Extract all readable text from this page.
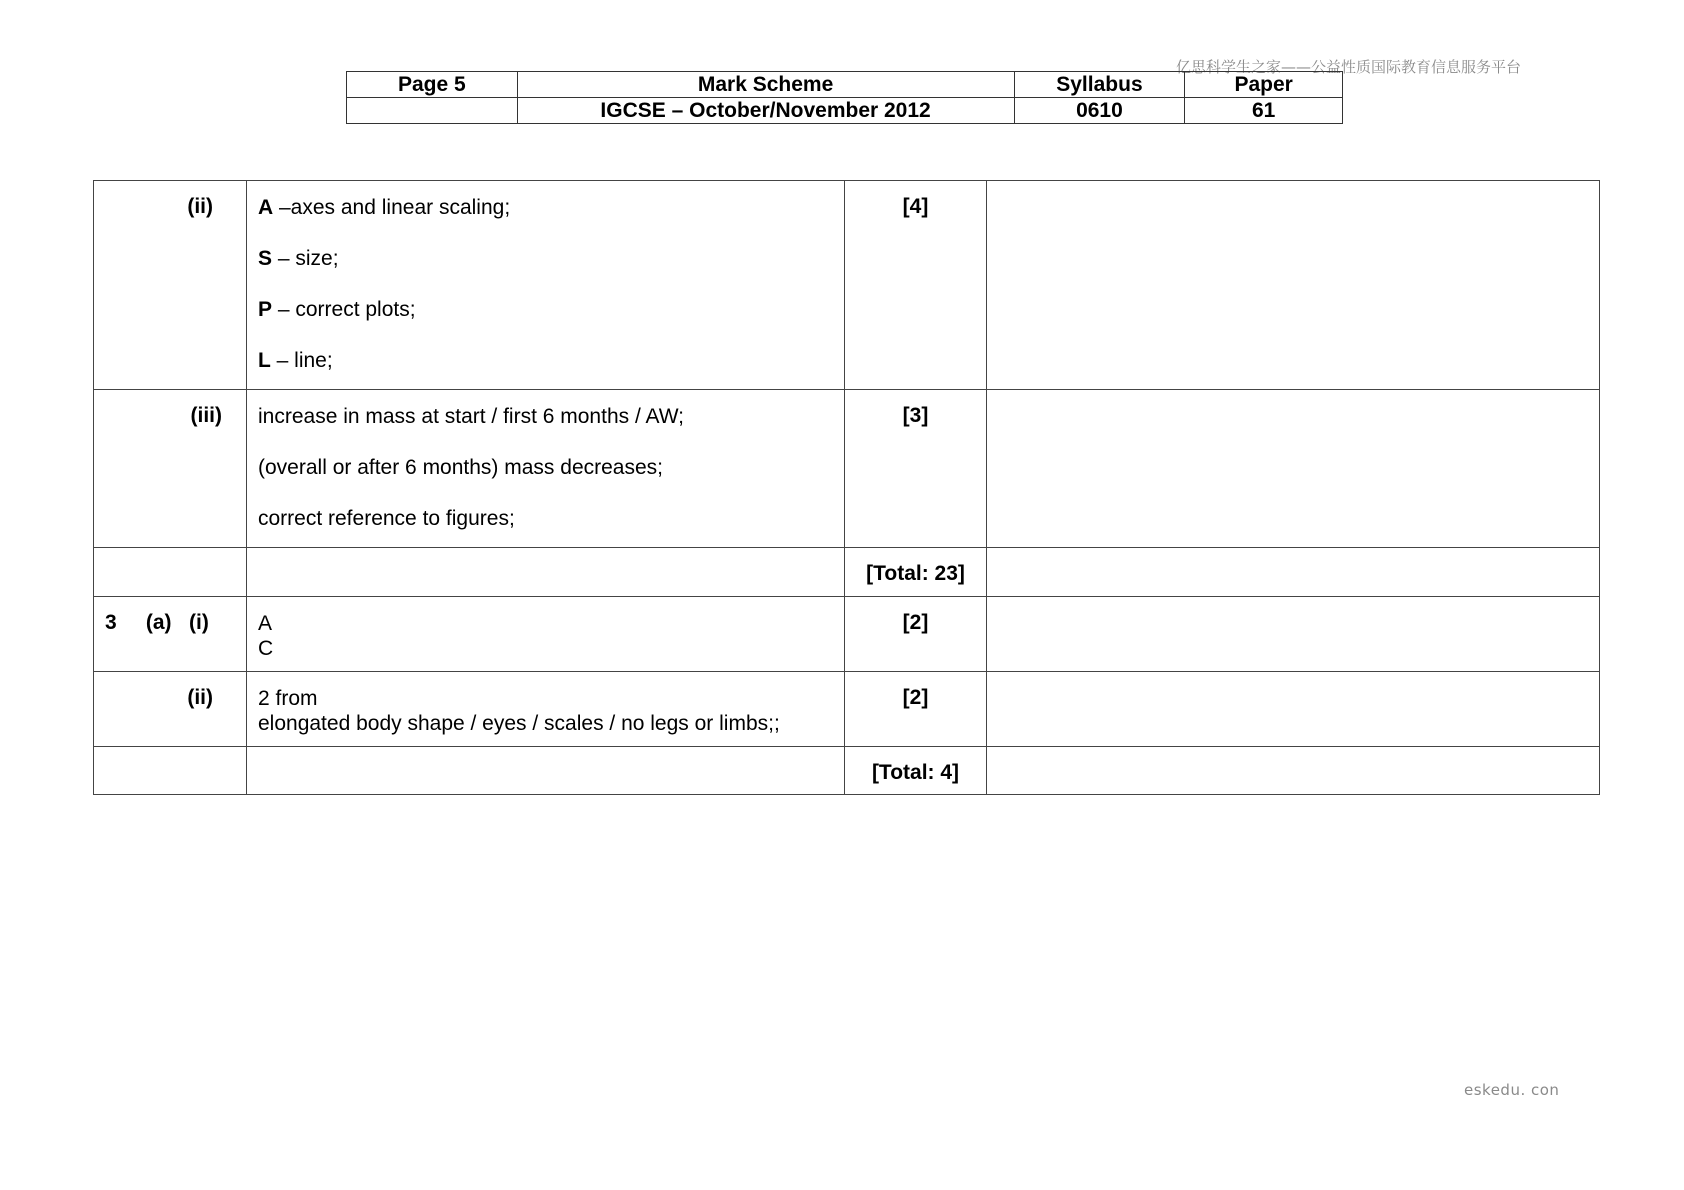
亿思科学生之家——公益性质国际教育信息服务平台
Page 5	Mark Scheme	Syllabus	Paper
	IGCSE – October/November 2012	0610	61
(ii)	A –axes and linear scaling;

S – size;

P – correct plots;

L – line;	[4]	
(iii)	increase in mass at start / first 6 months / AW;

(overall or after 6 months) mass decreases;

correct reference to figures;	[3]	
		[Total: 23]	
3     (a)   (i)	A
C	[2]	
(ii)	2 from
elongated body shape / eyes / scales / no legs or limbs;;	[2]	
		[Total: 4]	
eskedu. con
